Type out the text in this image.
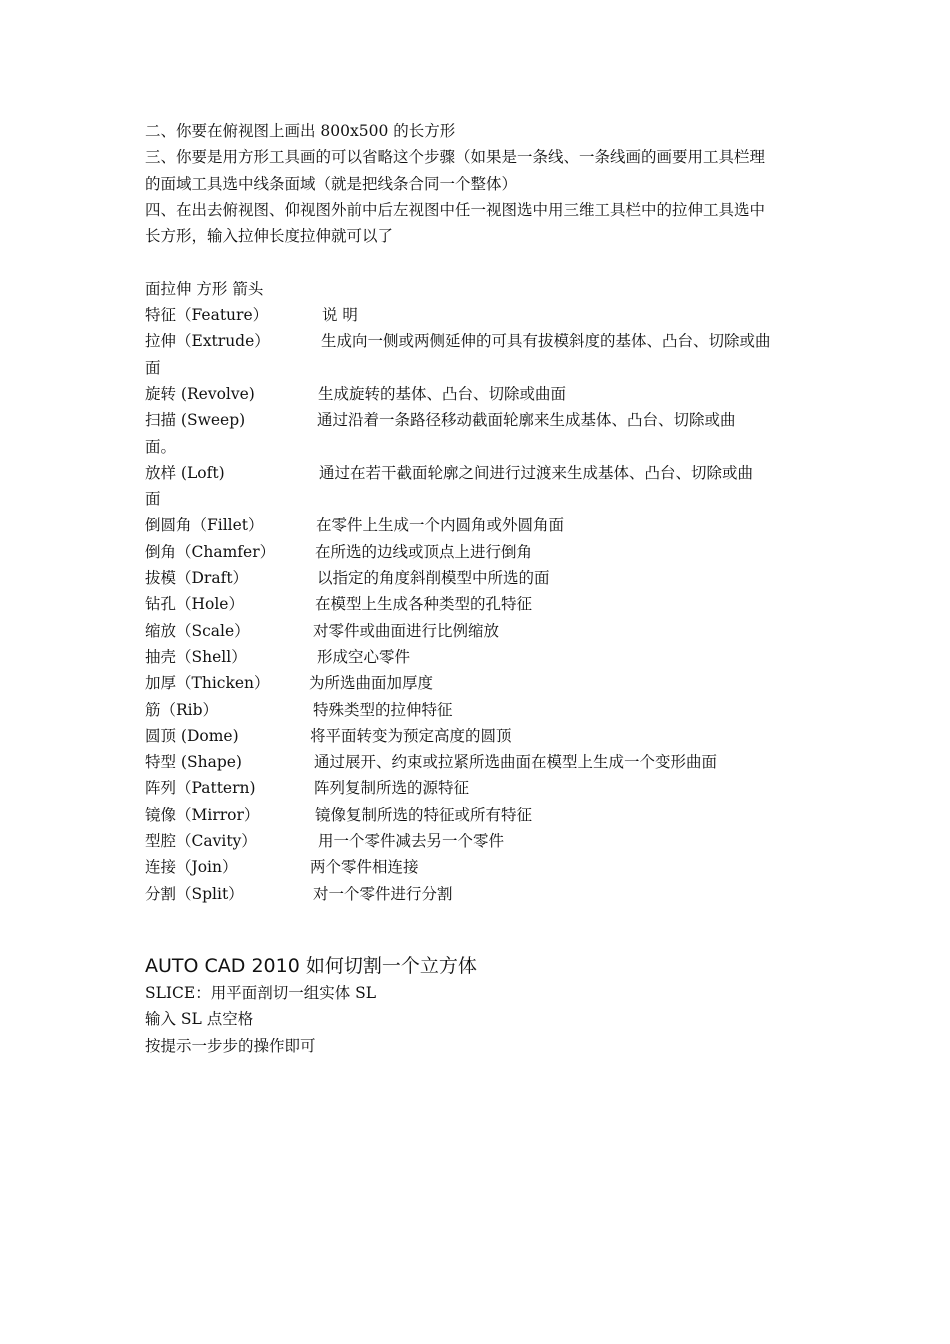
二、你要在俯视图上画出 800x500 的长方形
三、你要是用方形工具画的可以省略这个步骤（如果是一条线、一条线画的画要用工具栏理
的面域工具选中线条面域（就是把线条合同一个整体）
四、在出去俯视图、仰视图外前中后左视图中任一视图选中用三维工具栏中的拉伸工具选中
长方形，输入拉伸长度拉伸就可以了
面拉伸 方形 箭头
特征（Feature）	说 明
拉伸（Extrude）	生成向一侧或两侧延伸的可具有拔模斜度的基体、凸台、切除或曲
面
旋转 (Revolve)	生成旋转的基体、凸台、切除或曲面
扫描 (Sweep)	通过沿着一条路径移动截面轮廓来生成基体、凸台、切除或曲
面。
放样 (Loft)	通过在若干截面轮廓之间进行过渡来生成基体、凸台、切除或曲
面
倒圆角（Fillet）	在零件上生成一个内圆角或外圆角面
倒角（Chamfer）	在所选的边线或顶点上进行倒角
拔模（Draft）	以指定的角度斜削模型中所选的面
钻孔（Hole）	在模型上生成各种类型的孔特征
缩放（Scale）	对零件或曲面进行比例缩放
抽壳（Shell）	形成空心零件
加厚（Thicken）	为所选曲面加厚度
筋（Rib）	特殊类型的拉伸特征
圆顶 (Dome)	将平面转变为预定高度的圆顶
特型 (Shape)	通过展开、约束或拉紧所选曲面在模型上生成一个变形曲面
阵列（Pattern)	阵列复制所选的源特征
镜像（Mirror）	镜像复制所选的特征或所有特征
型腔（Cavity）	用一个零件减去另一个零件
连接（Join）	两个零件相连接
分割（Split）	对一个零件进行分割
AUTO CAD 2010 如何切割一个立方体
SLICE：用平面剖切一组实体 SL
输入 SL 点空格
按提示一步步的操作即可
